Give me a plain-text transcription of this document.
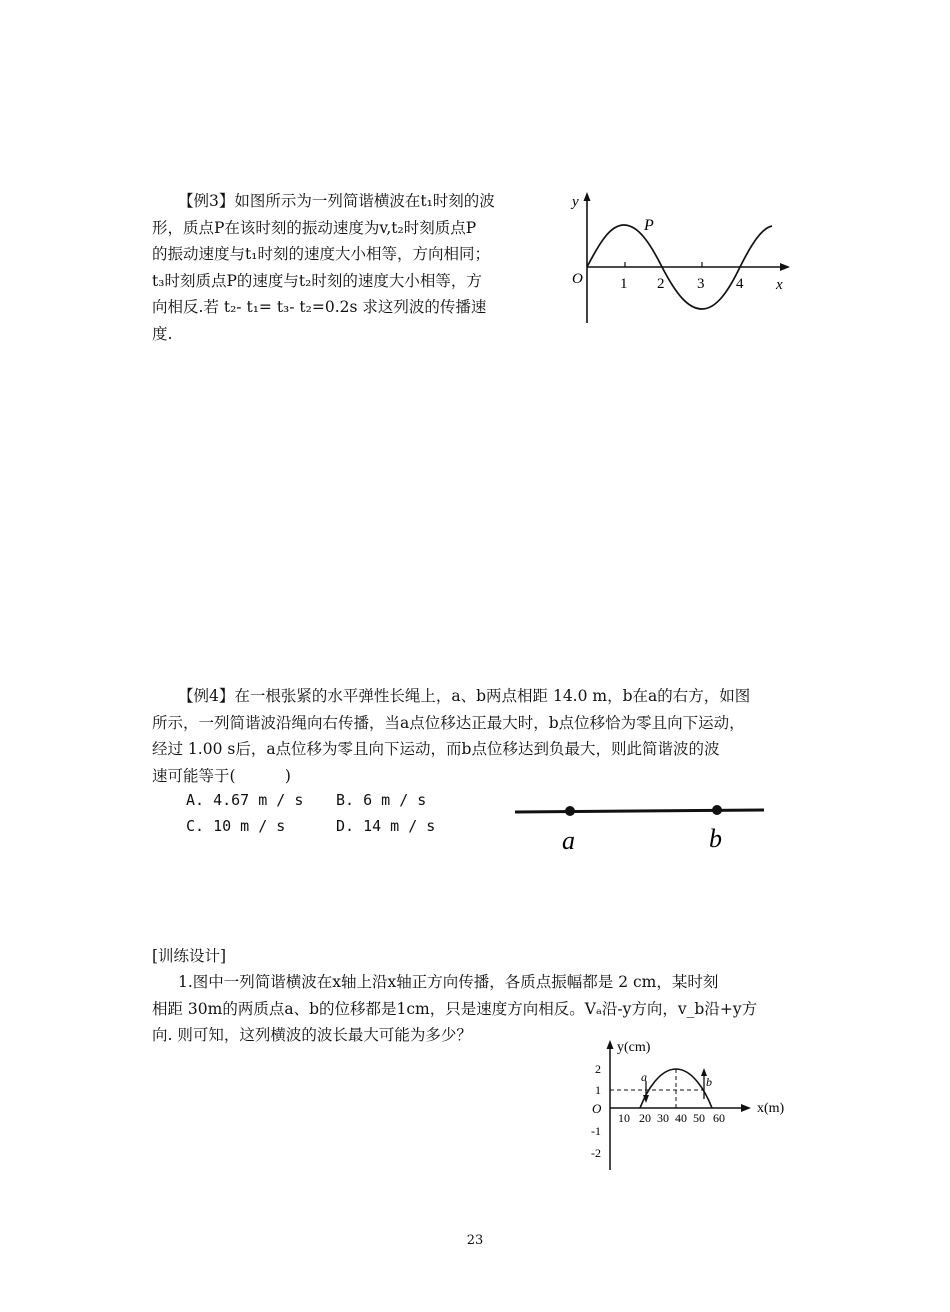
【例3】如图所示为一列简谐横波在t₁时刻的波
形，质点P在该时刻的振动速度为v,t₂时刻质点P
的振动速度与t₁时刻的速度大小相等，方向相同；
t₃时刻质点P的速度与t₂时刻的速度大小相等，方
向相反.若 t₂- t₁= t₃- t₂=0.2s 求这列波的传播速
度.
y
x
O
P
1 2 3 4
【例4】在一根张紧的水平弹性长绳上，a、b两点相距 14.0 m，b在a的右方，如图
所示，一列简谐波沿绳向右传播，当a点位移达正最大时，b点位移恰为零且向下运动，
经过 1.00 s后，a点位移为零且向下运动，而b点位移达到负最大，则此简谐波的波
速可能等于(          )
A. 4.67 m / s B. 6 m / s
C. 10 m / s	D. 14 m / s	a	b
[训练设计]
1.图中一列简谐横波在x轴上沿x轴正方向传播，各质点振幅都是 2 cm，某时刻
相距 30m的两质点a、b的位移都是1cm，只是速度方向相反。Vₐ沿-y方向，v_b沿+y方
向. 则可知，这列横波的波长最大可能为多少？
y(cm)
x(m)
O
2
1
-1
-2
10 20 30 40 50 60
a	b
23
